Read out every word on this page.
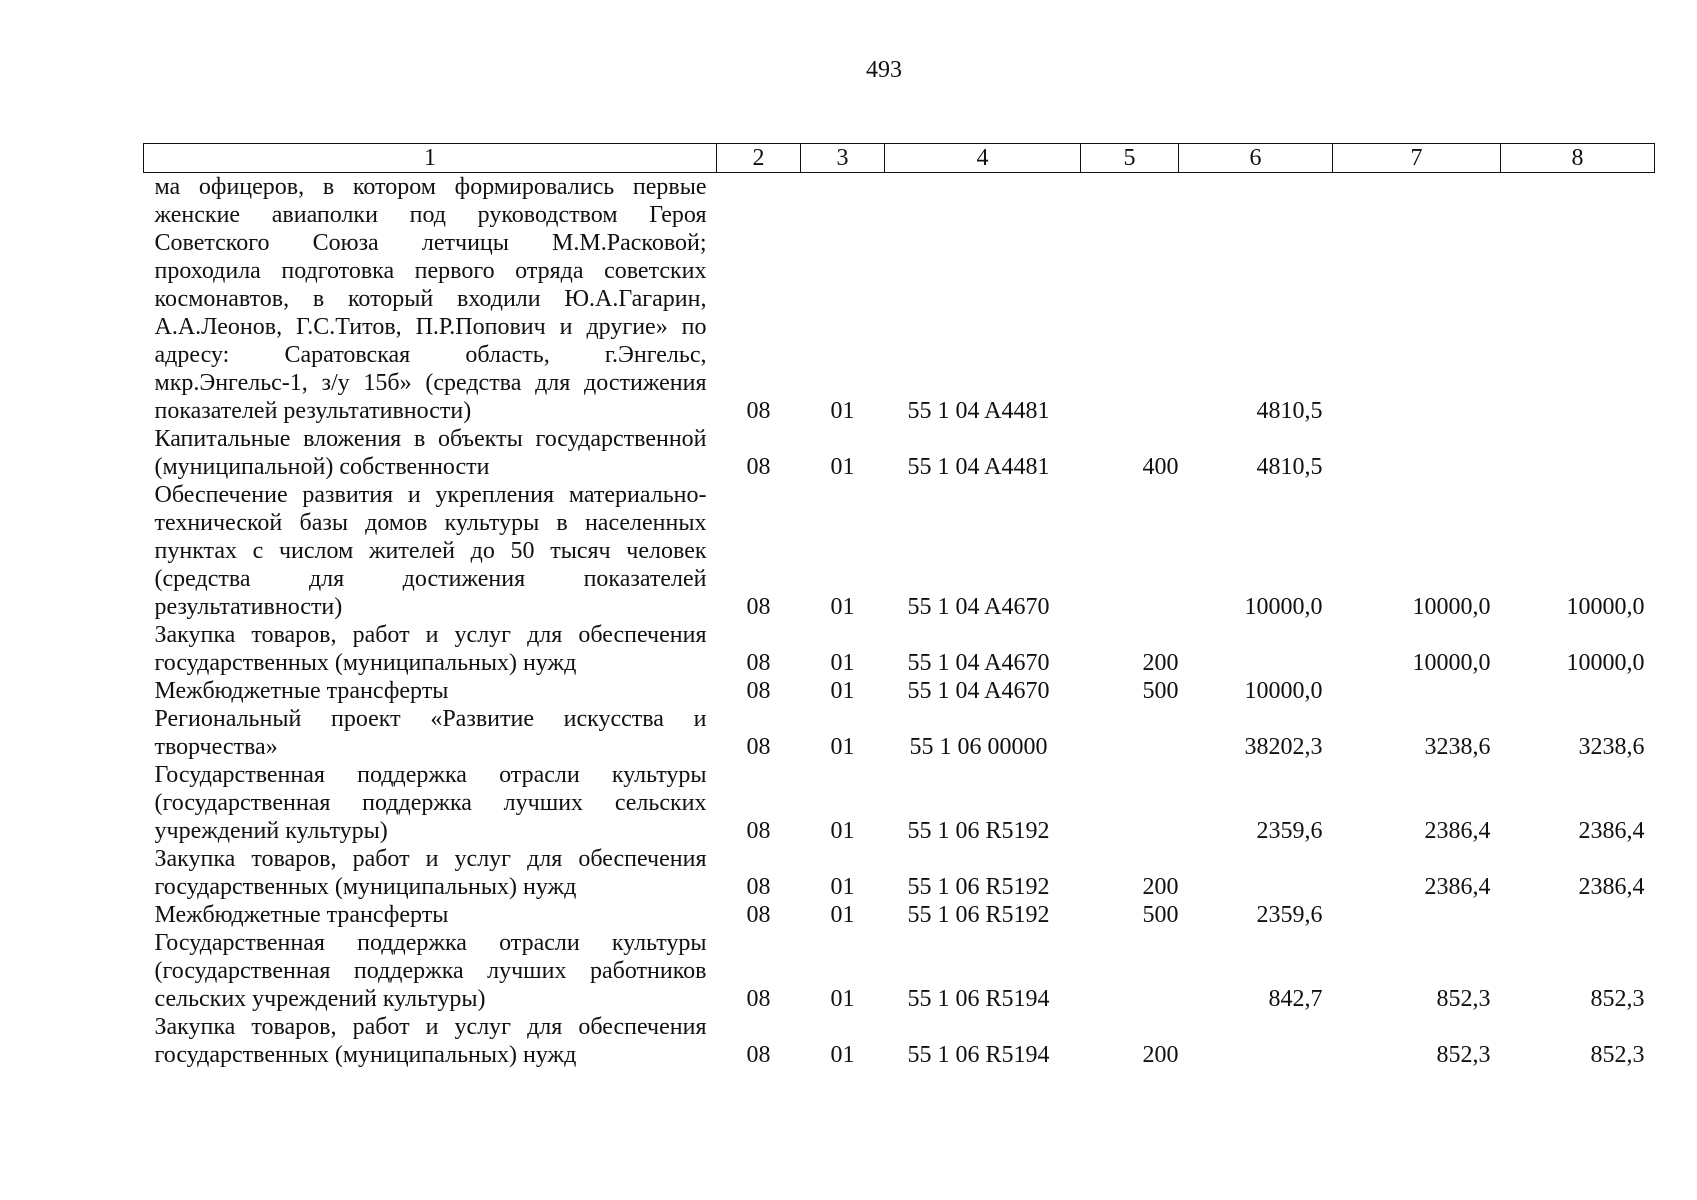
493
1	2	3	4	5	6	7	8
ма офицеров, в котором формировались первые женские авиаполки под руководством Героя Советского Союза летчицы М.М.Расковой; проходила подготовка первого отряда советских космонавтов, в который входили Ю.А.Гагарин, А.А.Леонов, Г.С.Титов, П.Р.Попович и другие» по адресу: Саратовская область, г.Энгельс, мкр.Энгельс-1, з/у 15б» (средства для достижения показателей результативности)	08	01	55 1 04 A4481		4810,5		
Капитальные вложения в объекты государственной (муниципальной) собственности	08	01	55 1 04 A4481	400	4810,5		
Обеспечение развития и укрепления материально-технической базы домов культуры в населенных пунктах с числом жителей до 50 тысяч человек (средства для достижения показателей результативности)	08	01	55 1 04 A4670		10000,0	10000,0	10000,0
Закупка товаров, работ и услуг для обеспечения государственных (муниципальных) нужд	08	01	55 1 04 A4670	200		10000,0	10000,0
Межбюджетные трансферты	08	01	55 1 04 A4670	500	10000,0		
Региональный проект «Развитие искусства и творчества»	08	01	55 1 06 00000		38202,3	3238,6	3238,6
Государственная поддержка отрасли культуры (государственная поддержка лучших сельских учреждений культуры)	08	01	55 1 06 R5192		2359,6	2386,4	2386,4
Закупка товаров, работ и услуг для обеспечения государственных (муниципальных) нужд	08	01	55 1 06 R5192	200		2386,4	2386,4
Межбюджетные трансферты	08	01	55 1 06 R5192	500	2359,6		
Государственная поддержка отрасли культуры (государственная поддержка лучших работников сельских учреждений культуры)	08	01	55 1 06 R5194		842,7	852,3	852,3
Закупка товаров, работ и услуг для обеспечения государственных (муниципальных) нужд	08	01	55 1 06 R5194	200		852,3	852,3
